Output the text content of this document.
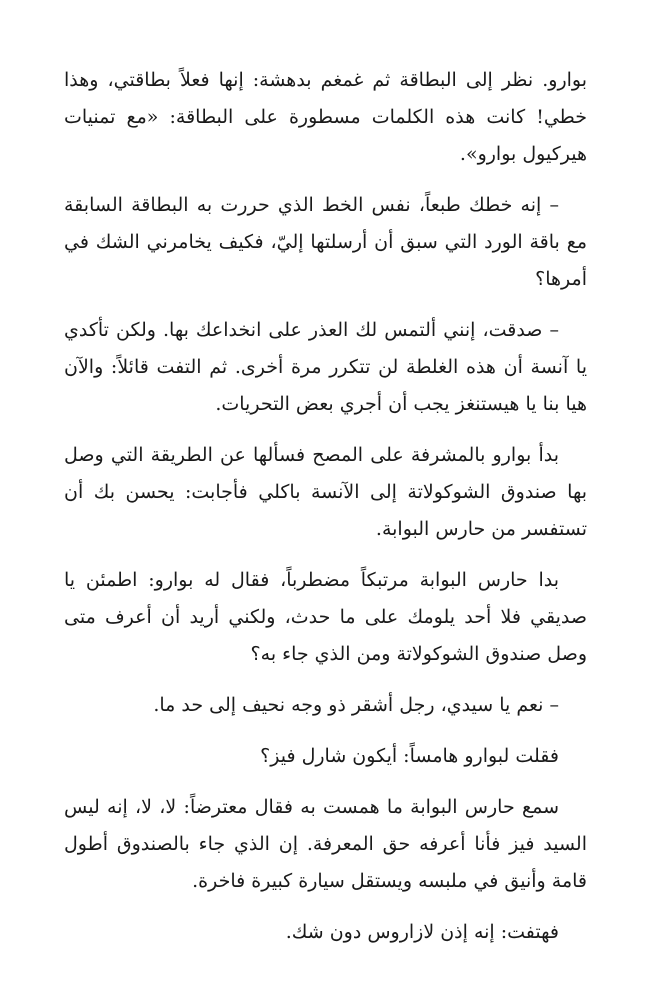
بوارو. نظر إلى البطاقة ثم غمغم بدهشة: إنها فعلاً بطاقتي، وهذا خطي! كانت هذه الكلمات مسطورة على البطاقة: «مع تمنيات هيركيول بوارو».

– إنه خطك طبعاً، نفس الخط الذي حررت به البطاقة السابقة مع باقة الورد التي سبق أن أرسلتها إليّ، فكيف يخامرني الشك في أمرها؟

– صدقت، إنني ألتمس لك العذر على انخداعك بها. ولكن تأكدي يا آنسة أن هذه الغلطة لن تتكرر مرة أخرى. ثم التفت قائلاً: والآن هيا بنا يا هيستنغز يجب أن أجري بعض التحريات.

بدأ بوارو بالمشرفة على المصح فسألها عن الطريقة التي وصل بها صندوق الشوكولاتة إلى الآنسة باكلي فأجابت: يحسن بك أن تستفسر من حارس البوابة.

بدا حارس البوابة مرتبكاً مضطرباً، فقال له بوارو: اطمئن يا صديقي فلا أحد يلومك على ما حدث، ولكني أريد أن أعرف متى وصل صندوق الشوكولاتة ومن الذي جاء به؟

– نعم يا سيدي، رجل أشقر ذو وجه نحيف إلى حد ما.

فقلت لبوارو هامساً: أيكون شارل فيز؟

سمع حارس البوابة ما همست به فقال معترضاً: لا، لا، إنه ليس السيد فيز فأنا أعرفه حق المعرفة. إن الذي جاء بالصندوق أطول قامة وأنيق في ملبسه ويستقل سيارة كبيرة فاخرة.

فهتفت: إنه إذن لازاروس دون شك.
